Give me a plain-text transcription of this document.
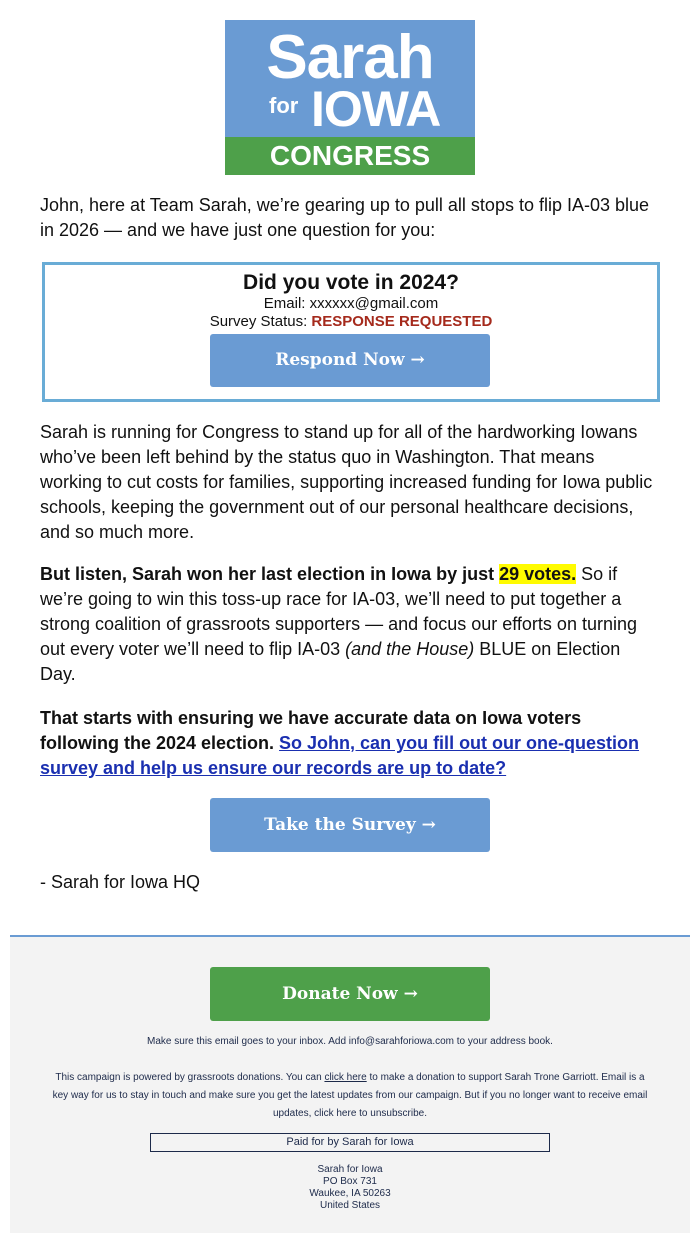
Sarah
for IOWA
CONGRESS

John, here at Team Sarah, we’re gearing up to pull all stops to flip IA-03 blue in 2026 — and we have just one question for you:

Did you vote in 2024?
Email: xxxxxx@gmail.com
Survey Status: RESPONSE REQUESTED
Respond Now →

Sarah is running for Congress to stand up for all of the hardworking Iowans who’ve been left behind by the status quo in Washington. That means working to cut costs for families, supporting increased funding for Iowa public schools, keeping the government out of our personal healthcare decisions, and so much more.

But listen, Sarah won her last election in Iowa by just 29 votes. So if we’re going to win this toss-up race for IA-03, we’ll need to put together a strong coalition of grassroots supporters — and focus our efforts on turning out every voter we’ll need to flip IA-03 (and the House) BLUE on Election Day.

That starts with ensuring we have accurate data on Iowa voters following the 2024 election. So John, can you fill out our one-question survey and help us ensure our records are up to date?

Take the Survey →

- Sarah for Iowa HQ

Donate Now →

Make sure this email goes to your inbox. Add info@sarahforiowa.com to your address book.

This campaign is powered by grassroots donations. You can click here to make a donation to support Sarah Trone Garriott. Email is a key way for us to stay in touch and make sure you get the latest updates from our campaign. But if you no longer want to receive email updates, click here to unsubscribe.

Paid for by Sarah for Iowa
Sarah for Iowa
PO Box 731
Waukee, IA 50263
United States
